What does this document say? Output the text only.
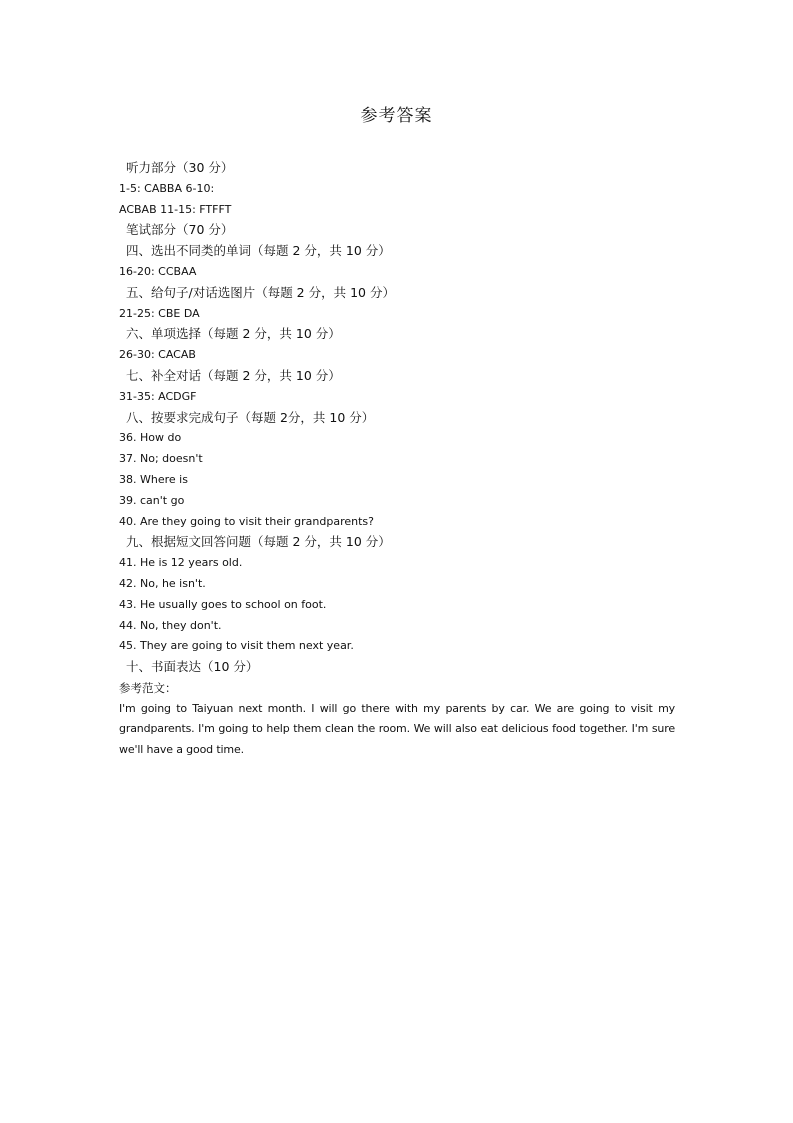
参考答案
听力部分（30 分）
1-5: CABBA 6-10:
ACBAB 11-15: FTFFT
笔试部分（70 分）
四、选出不同类的单词（每题 2 分，共 10 分）
16-20: CCBAA
五、给句子/对话选图片（每题 2 分，共 10 分）
21-25: CBE DA
六、单项选择（每题 2 分，共 10 分）
26-30: CACAB
七、补全对话（每题 2 分，共 10 分）
31-35: ACDGF
八、按要求完成句子（每题 2分，共 10 分）
36. How do
37. No; doesn't
38. Where is
39. can't go
40. Are they going to visit their grandparents?
九、根据短文回答问题（每题 2 分，共 10 分）
41. He is 12 years old.
42. No, he isn't.
43. He usually goes to school on foot.
44. No, they don't.
45. They are going to visit them next year.
十、书面表达（10 分）
参考范文：
I'm going to Taiyuan next month. I will go there with my parents by car. We are going to visit my grandparents. I'm going to help them clean the room. We will also eat delicious food together. I'm sure we'll have a good time.
